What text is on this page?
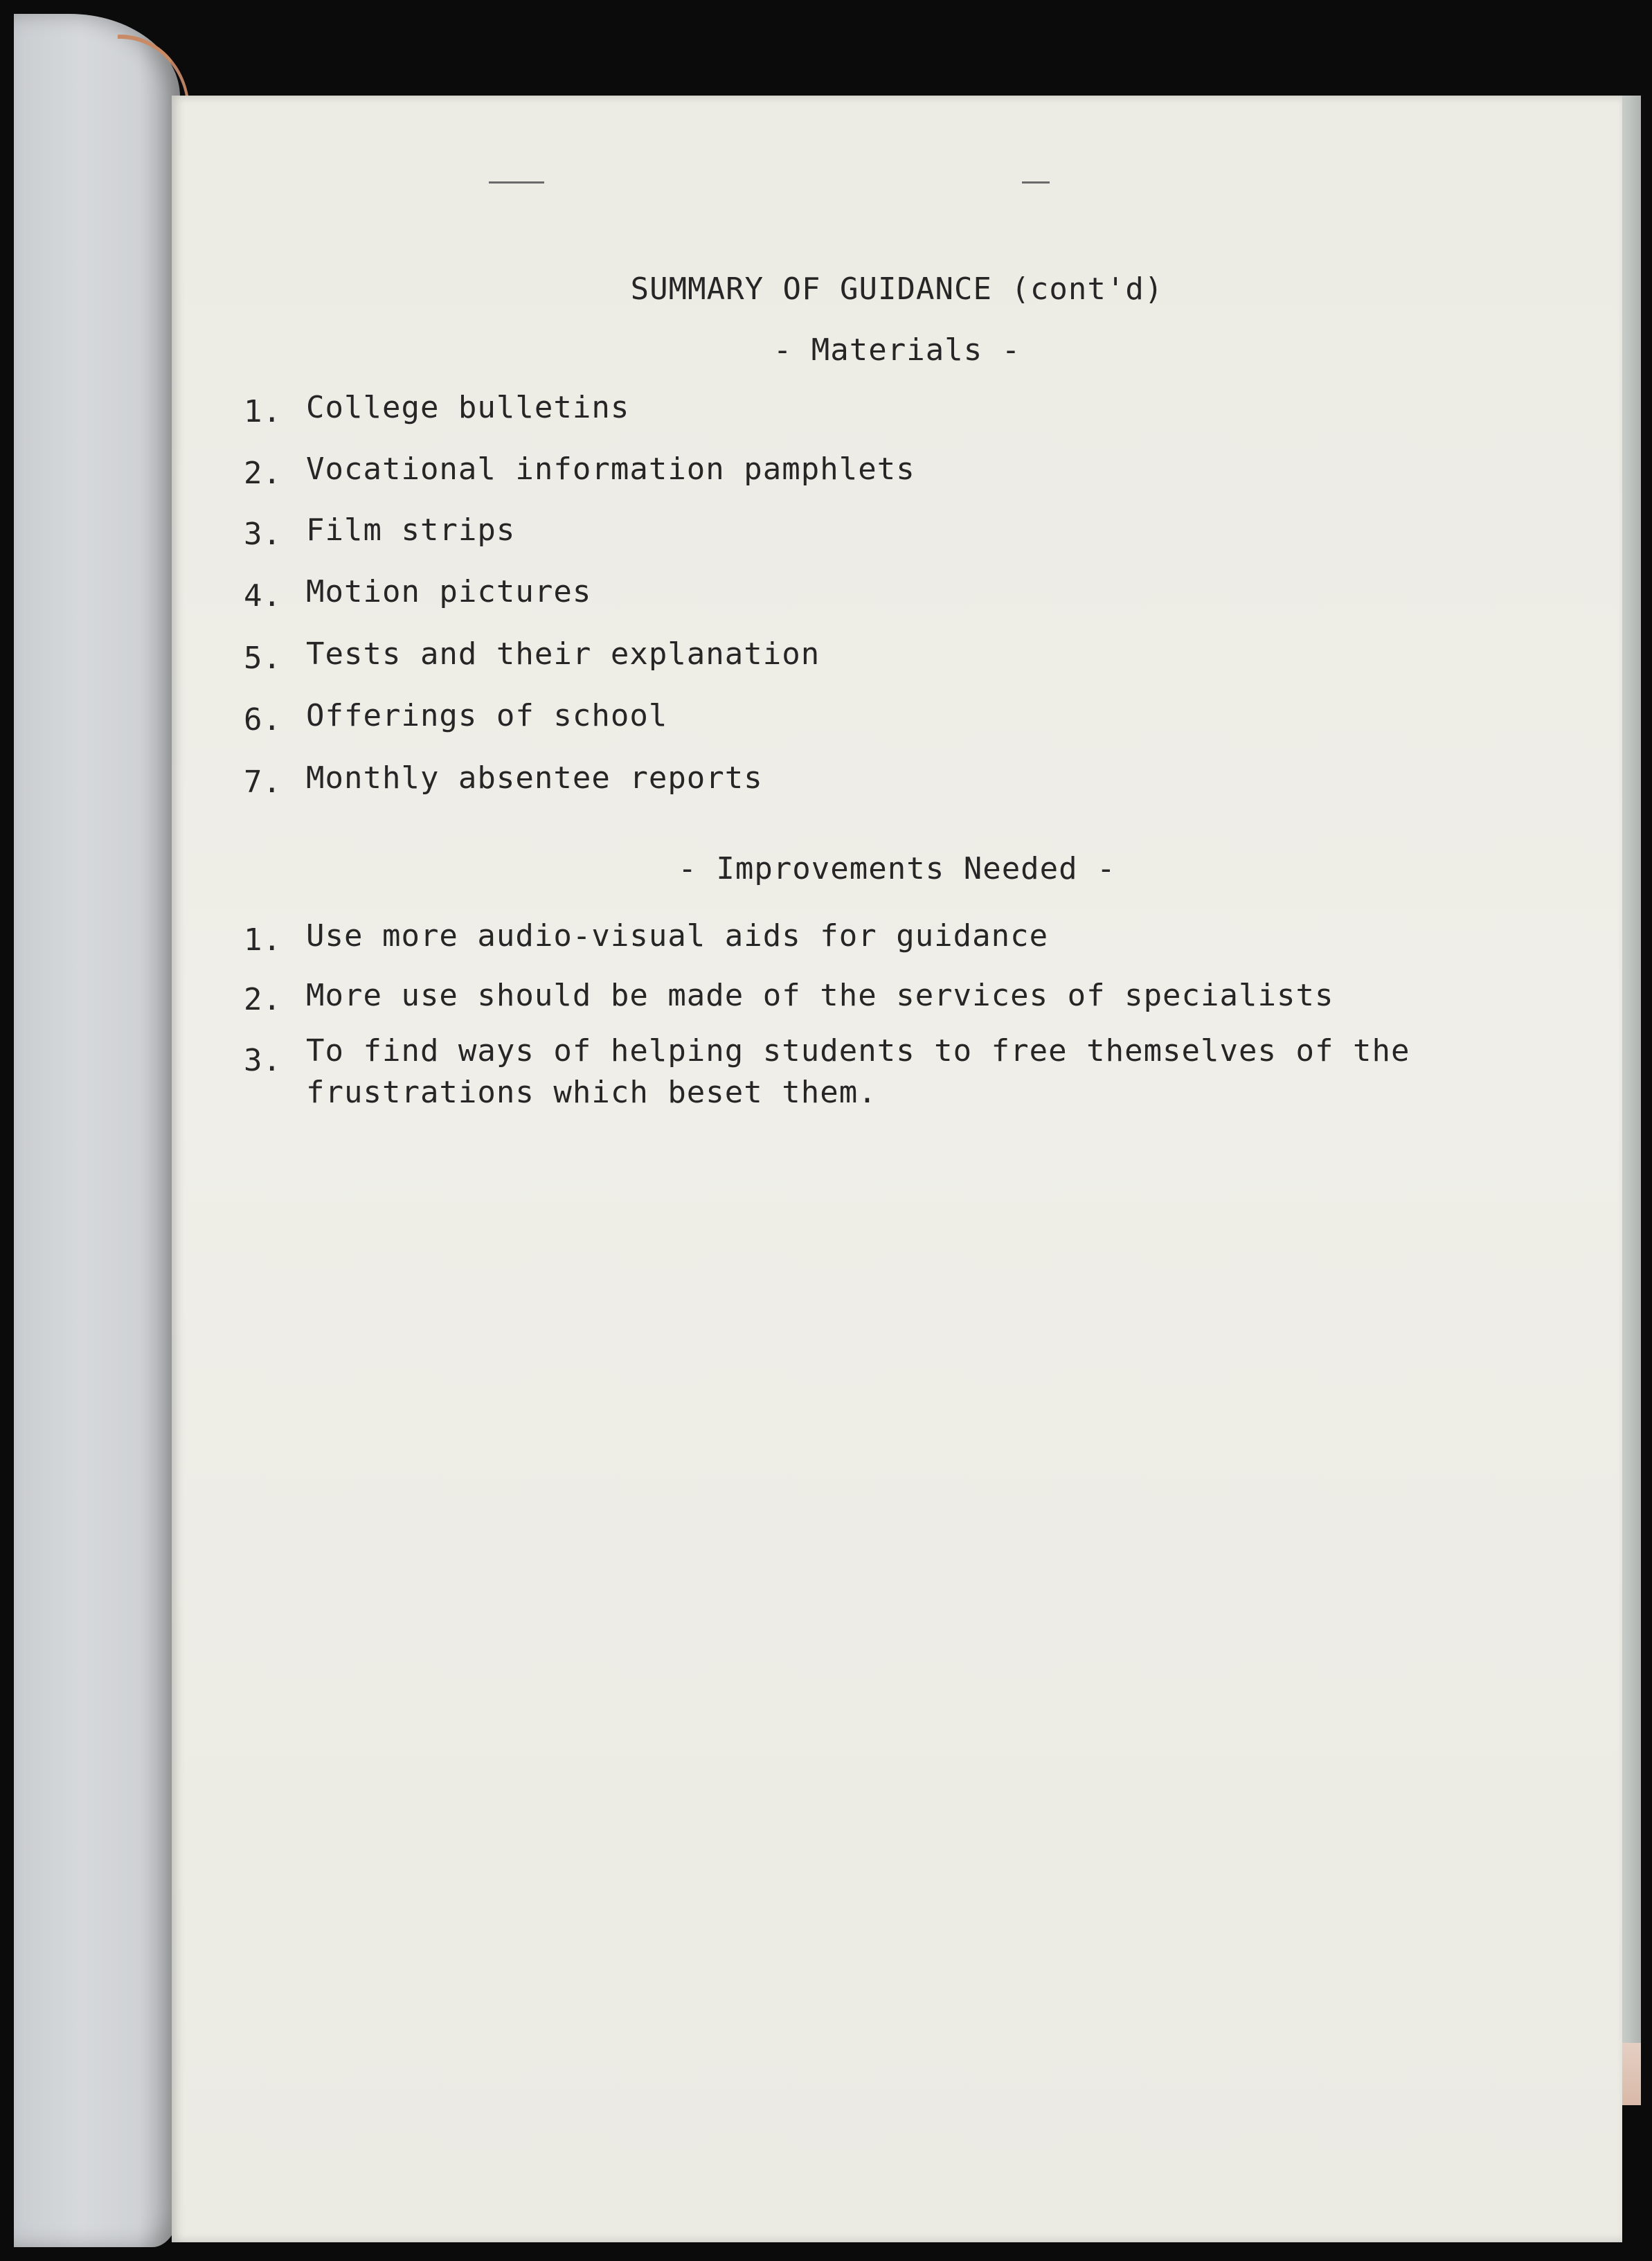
SUMMARY OF GUIDANCE (cont'd)
- Materials -
1. College bulletins
2. Vocational information pamphlets
3. Film strips
4. Motion pictures
5. Tests and their explanation
6. Offerings of school
7. Monthly absentee reports
- Improvements Needed -
1. Use more audio-visual aids for guidance
2. More use should be made of the services of specialists
3. To find ways of helping students to free themselves of the frustrations which beset them.
